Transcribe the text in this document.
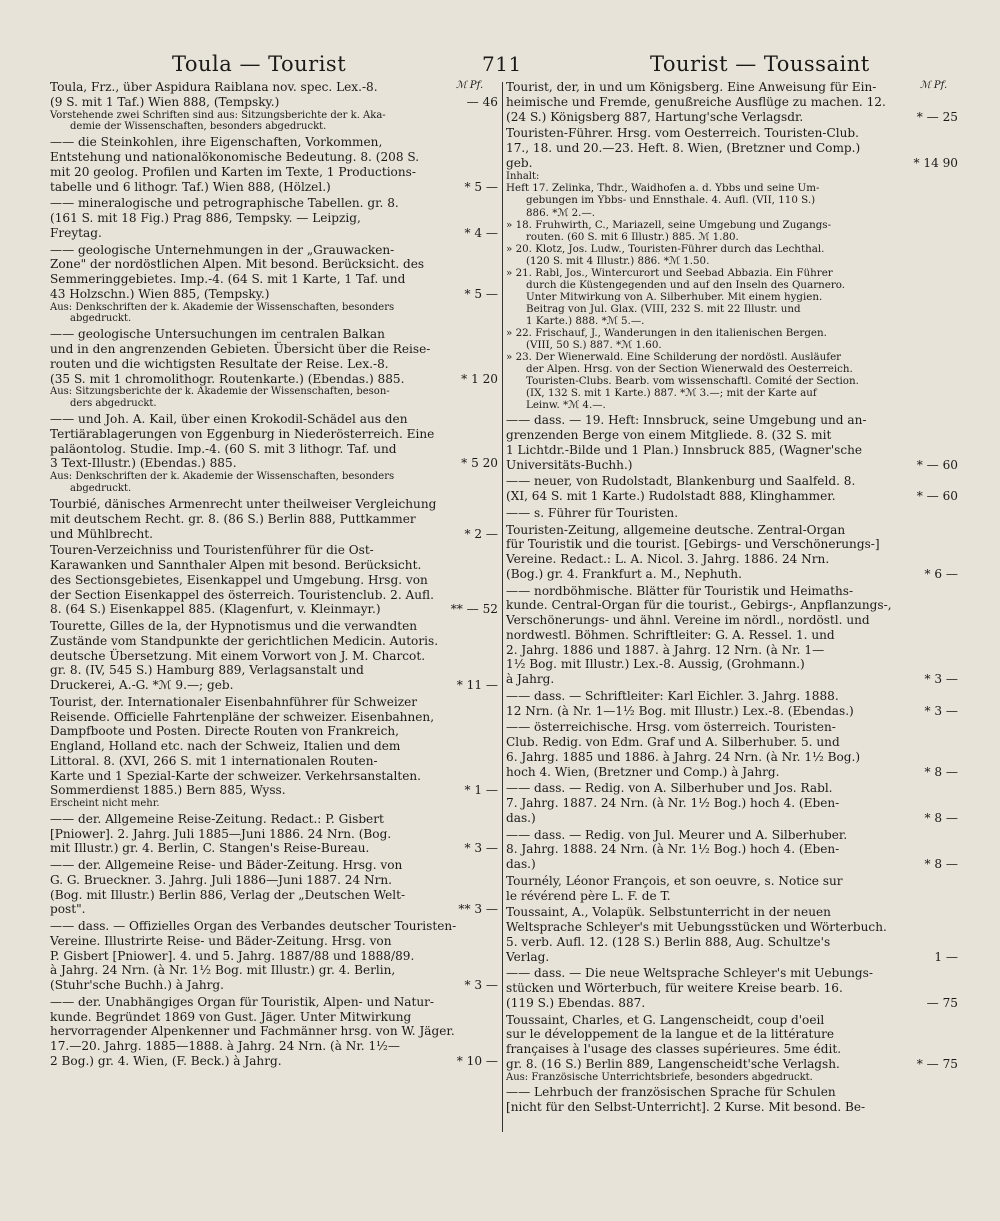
Toula — Tourist	711	Tourist — Toussaint
ℳ Pf.	ℳ Pf.
Toula, Frz., über Aspidura Raiblana nov. spec. Lex.-8.
(9 S. mit 1 Taf.) Wien 888, (Tempsky.)	— 46
Vorstehende zwei Schriften sind aus: Sitzungsberichte der k. Aka-
demie der Wissenschaften, besonders abgedruckt.
—— die Steinkohlen, ihre Eigenschaften, Vorkommen,
Entstehung und nationalökonomische Bedeutung. 8. (208 S.
mit 20 geolog. Profilen und Karten im Texte, 1 Productions-
tabelle und 6 lithogr. Taf.) Wien 888, (Hölzel.)	* 5 —
—— mineralogische und petrographische Tabellen. gr. 8.
(161 S. mit 18 Fig.) Prag 886, Tempsky. — Leipzig,
Freytag.	* 4 —
—— geologische Unternehmungen in der „Grauwacken-
Zone" der nordöstlichen Alpen. Mit besond. Berücksicht. des
Semmeringgebietes. Imp.-4. (64 S. mit 1 Karte, 1 Taf. und
43 Holzschn.) Wien 885, (Tempsky.)	* 5 —
Aus: Denkschriften der k. Akademie der Wissenschaften, besonders
abgedruckt.
—— geologische Untersuchungen im centralen Balkan
und in den angrenzenden Gebieten. Übersicht über die Reise-
routen und die wichtigsten Resultate der Reise. Lex.-8.
(35 S. mit 1 chromolithogr. Routenkarte.) (Ebendas.) 885.	* 1 20
Aus: Sitzungsberichte der k. Akademie der Wissenschaften, beson-
ders abgedruckt.
—— und Joh. A. Kail, über einen Krokodil-Schädel aus den
Tertiärablagerungen von Eggenburg in Niederösterreich. Eine
paläontolog. Studie. Imp.-4. (60 S. mit 3 lithogr. Taf. und
3 Text-Illustr.) (Ebendas.) 885.	* 5 20
Aus: Denkschriften der k. Akademie der Wissenschaften, besonders
abgedruckt.
Tourbié, dänisches Armenrecht unter theilweiser Vergleichung
mit deutschem Recht. gr. 8. (86 S.) Berlin 888, Puttkammer
und Mühlbrecht.	* 2 —
Touren-Verzeichniss und Touristenführer für die Ost-
Karawanken und Sannthaler Alpen mit besond. Berücksicht.
des Sectionsgebietes, Eisenkappel und Umgebung. Hrsg. von
der Section Eisenkappel des österreich. Touristenclub. 2. Aufl.
8. (64 S.) Eisenkappel 885. (Klagenfurt, v. Kleinmayr.)	** — 52
Tourette, Gilles de la, der Hypnotismus und die verwandten
Zustände vom Standpunkte der gerichtlichen Medicin. Autoris.
deutsche Übersetzung. Mit einem Vorwort von J. M. Charcot.
gr. 8. (IV, 545 S.) Hamburg 889, Verlagsanstalt und
Druckerei, A.-G. *ℳ 9.—; geb.	* 11 —
Tourist, der. Internationaler Eisenbahnführer für Schweizer
Reisende. Officielle Fahrtenpläne der schweizer. Eisenbahnen,
Dampfboote und Posten. Directe Routen von Frankreich,
England, Holland etc. nach der Schweiz, Italien und dem
Littoral. 8. (XVI, 266 S. mit 1 internationalen Routen-
Karte und 1 Spezial-Karte der schweizer. Verkehrsanstalten.
Sommerdienst 1885.) Bern 885, Wyss.	* 1 —
Erscheint nicht mehr.
—— der. Allgemeine Reise-Zeitung. Redact.: P. Gisbert
[Pniower]. 2. Jahrg. Juli 1885—Juni 1886. 24 Nrn. (Bog.
mit Illustr.) gr. 4. Berlin, C. Stangen's Reise-Bureau.	* 3 —
—— der. Allgemeine Reise- und Bäder-Zeitung. Hrsg. von
G. G. Brueckner. 3. Jahrg. Juli 1886—Juni 1887. 24 Nrn.
(Bog. mit Illustr.) Berlin 886, Verlag der „Deutschen Welt-
post".	** 3 —
—— dass. — Offizielles Organ des Verbandes deutscher Touristen-
Vereine. Illustrirte Reise- und Bäder-Zeitung. Hrsg. von
P. Gisbert [Pniower]. 4. und 5. Jahrg. 1887/88 und 1888/89.
à Jahrg. 24 Nrn. (à Nr. 1½ Bog. mit Illustr.) gr. 4. Berlin,
(Stuhr'sche Buchh.) à Jahrg.	* 3 —
—— der. Unabhängiges Organ für Touristik, Alpen- und Natur-
kunde. Begründet 1869 von Gust. Jäger. Unter Mitwirkung
hervorragender Alpenkenner und Fachmänner hrsg. von W. Jäger.
17.—20. Jahrg. 1885—1888. à Jahrg. 24 Nrn. (à Nr. 1½—
2 Bog.) gr. 4. Wien, (F. Beck.) à Jahrg.	* 10 —
Tourist, der, in und um Königsberg. Eine Anweisung für Ein-
heimische und Fremde, genußreiche Ausflüge zu machen. 12.
(24 S.) Königsberg 887, Hartung'sche Verlagsdr.	* — 25
Touristen-Führer. Hrsg. vom Oesterreich. Touristen-Club.
17., 18. und 20.—23. Heft. 8. Wien, (Bretzner und Comp.)
geb.	* 14 90
Inhalt:
Heft 17. Zelinka, Thdr., Waidhofen a. d. Ybbs und seine Um-
gebungen im Ybbs- und Ennsthale. 4. Aufl. (VII, 110 S.)
886. *ℳ 2.—.
» 18. Fruhwirth, C., Mariazell, seine Umgebung und Zugangs-
routen. (60 S. mit 6 Illustr.) 885. ℳ 1.80.
» 20. Klotz, Jos. Ludw., Touristen-Führer durch das Lechthal.
(120 S. mit 4 Illustr.) 886. *ℳ 1.50.
» 21. Rabl, Jos., Wintercurort und Seebad Abbazia. Ein Führer
durch die Küstengegenden und auf den Inseln des Quarnero.
Unter Mitwirkung von A. Silberhuber. Mit einem hygien.
Beitrag von Jul. Glax. (VIII, 232 S. mit 22 Illustr. und
1 Karte.) 888. *ℳ 5.—.
» 22. Frischauf, J., Wanderungen in den italienischen Bergen.
(VIII, 50 S.) 887. *ℳ 1.60.
» 23. Der Wienerwald. Eine Schilderung der nordöstl. Ausläufer
der Alpen. Hrsg. von der Section Wienerwald des Oesterreich.
Touristen-Clubs. Bearb. vom wissenschaftl. Comité der Section.
(IX, 132 S. mit 1 Karte.) 887. *ℳ 3.—; mit der Karte auf
Leinw. *ℳ 4.—.
—— dass. — 19. Heft: Innsbruck, seine Umgebung und an-
grenzenden Berge von einem Mitgliede. 8. (32 S. mit
1 Lichtdr.-Bilde und 1 Plan.) Innsbruck 885, (Wagner'sche
Universitäts-Buchh.)	* — 60
—— neuer, von Rudolstadt, Blankenburg und Saalfeld. 8.
(XI, 64 S. mit 1 Karte.) Rudolstadt 888, Klinghammer.	* — 60
—— s. Führer für Touristen.
Touristen-Zeitung, allgemeine deutsche. Zentral-Organ
für Touristik und die tourist. [Gebirgs- und Verschönerungs-]
Vereine. Redact.: L. A. Nicol. 3. Jahrg. 1886. 24 Nrn.
(Bog.) gr. 4. Frankfurt a. M., Nephuth.	* 6 —
—— nordböhmische. Blätter für Touristik und Heimaths-
kunde. Central-Organ für die tourist., Gebirgs-, Anpflanzungs-,
Verschönerungs- und ähnl. Vereine im nördl., nordöstl. und
nordwestl. Böhmen. Schriftleiter: G. A. Ressel. 1. und
2. Jahrg. 1886 und 1887. à Jahrg. 12 Nrn. (à Nr. 1—
1½ Bog. mit Illustr.) Lex.-8. Aussig, (Grohmann.)
à Jahrg.	* 3 —
—— dass. — Schriftleiter: Karl Eichler. 3. Jahrg. 1888.
12 Nrn. (à Nr. 1—1½ Bog. mit Illustr.) Lex.-8. (Ebendas.)	* 3 —
—— österreichische. Hrsg. vom österreich. Touristen-
Club. Redig. von Edm. Graf und A. Silberhuber. 5. und
6. Jahrg. 1885 und 1886. à Jahrg. 24 Nrn. (à Nr. 1½ Bog.)
hoch 4. Wien, (Bretzner und Comp.) à Jahrg.	* 8 —
—— dass. — Redig. von A. Silberhuber und Jos. Rabl.
7. Jahrg. 1887. 24 Nrn. (à Nr. 1½ Bog.) hoch 4. (Eben-
das.)	* 8 —
—— dass. — Redig. von Jul. Meurer und A. Silberhuber.
8. Jahrg. 1888. 24 Nrn. (à Nr. 1½ Bog.) hoch 4. (Eben-
das.)	* 8 —
Tournély, Léonor François, et son oeuvre, s. Notice sur
le révérend père L. F. de T.
Toussaint, A., Volapük. Selbstunterricht in der neuen
Weltsprache Schleyer's mit Uebungsstücken und Wörterbuch.
5. verb. Aufl. 12. (128 S.) Berlin 888, Aug. Schultze's
Verlag.	1 —
—— dass. — Die neue Weltsprache Schleyer's mit Uebungs-
stücken und Wörterbuch, für weitere Kreise bearb. 16.
(119 S.) Ebendas. 887.	— 75
Toussaint, Charles, et G. Langenscheidt, coup d'oeil
sur le développement de la langue et de la littérature
françaises à l'usage des classes supérieures. 5me édit.
gr. 8. (16 S.) Berlin 889, Langenscheidt'sche Verlagsh.	* — 75
Aus: Französische Unterrichtsbriefe, besonders abgedruckt.
—— Lehrbuch der französischen Sprache für Schulen
[nicht für den Selbst-Unterricht]. 2 Kurse. Mit besond. Be-
